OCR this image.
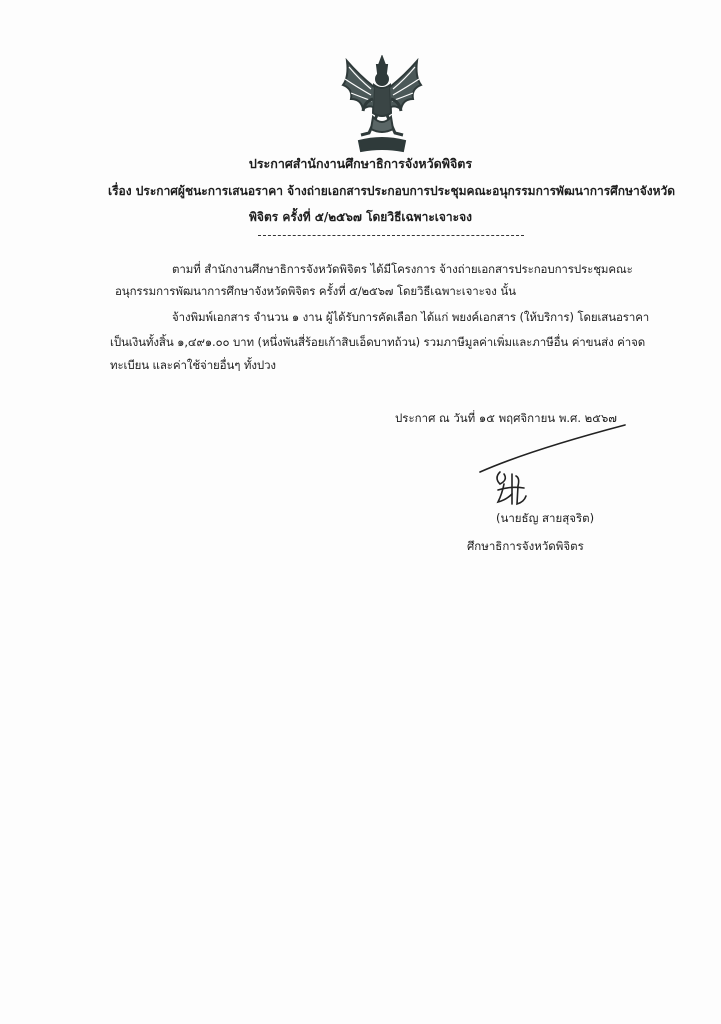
ประกาศสำนักงานศึกษาธิการจังหวัดพิจิตร
เรื่อง ประกาศผู้ชนะการเสนอราคา จ้างถ่ายเอกสารประกอบการประชุมคณะอนุกรรมการพัฒนาการศึกษาจังหวัด
พิจิตร ครั้งที่ ๕/๒๕๖๗ โดยวิธีเฉพาะเจาะจง
ตามที่ สำนักงานศึกษาธิการจังหวัดพิจิตร ได้มีโครงการ จ้างถ่ายเอกสารประกอบการประชุมคณะ
อนุกรรมการพัฒนาการศึกษาจังหวัดพิจิตร ครั้งที่ ๕/๒๕๖๗ โดยวิธีเฉพาะเจาะจง นั้น
จ้างพิมพ์เอกสาร จำนวน ๑ งาน ผู้ได้รับการคัดเลือก ได้แก่ พยงค์เอกสาร (ให้บริการ) โดยเสนอราคา
เป็นเงินทั้งสิ้น ๑,๔๙๑.๐๐ บาท (หนึ่งพันสี่ร้อยเก้าสิบเอ็ดบาทถ้วน) รวมภาษีมูลค่าเพิ่มและภาษีอื่น ค่าขนส่ง ค่าจด
ทะเบียน และค่าใช้จ่ายอื่นๆ ทั้งปวง
ประกาศ ณ วันที่ ๑๕ พฤศจิกายน พ.ศ. ๒๕๖๗
(นายธัญ สายสุจริต)
ศึกษาธิการจังหวัดพิจิตร
